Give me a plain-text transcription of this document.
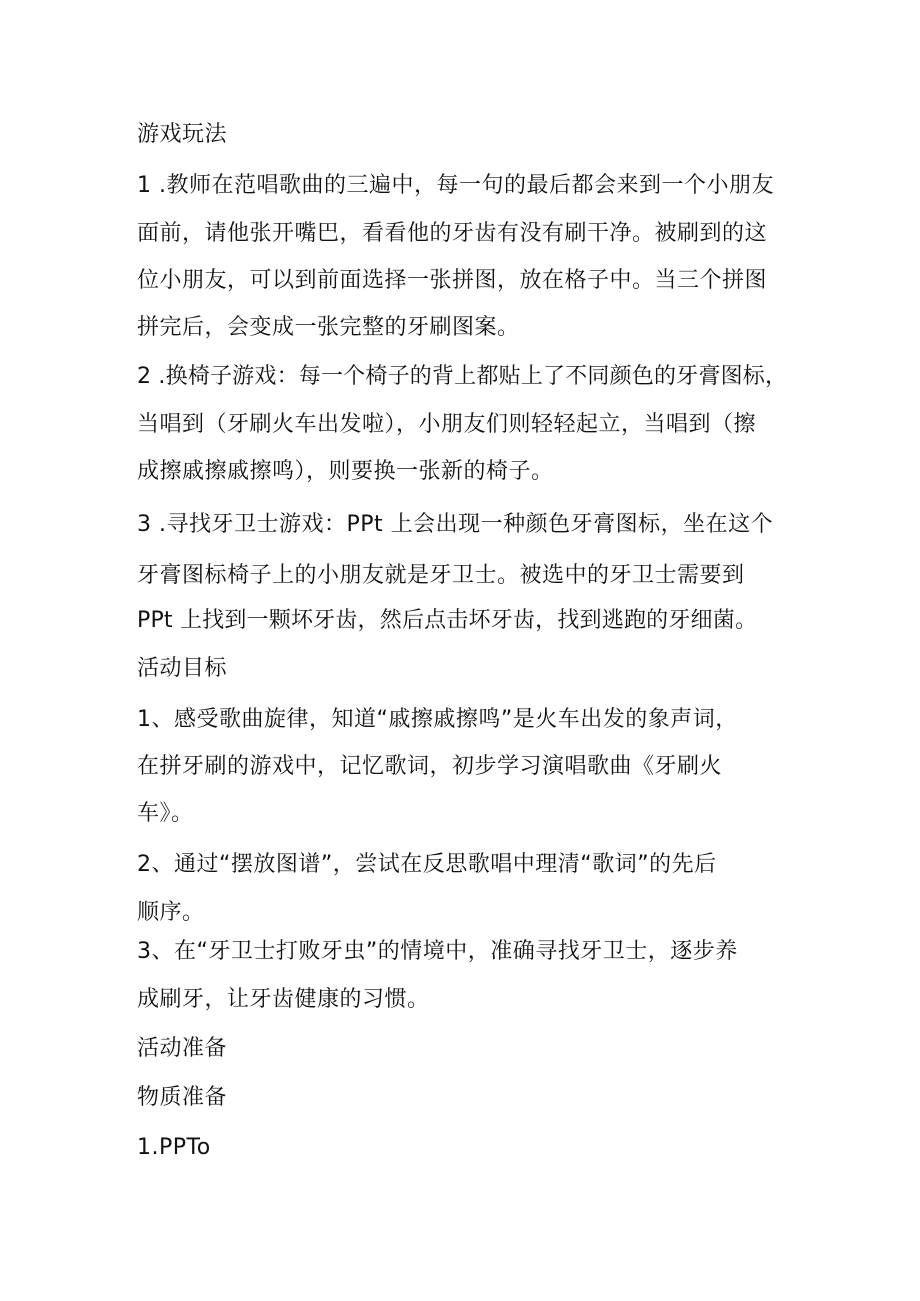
游戏玩法
1 .教师在范唱歌曲的三遍中，每一句的最后都会来到一个小朋友
面前，请他张开嘴巴，看看他的牙齿有没有刷干净。被刷到的这
位小朋友，可以到前面选择一张拼图，放在格子中。当三个拼图
拼完后，会变成一张完整的牙刷图案。
2 .换椅子游戏：每一个椅子的背上都贴上了不同颜色的牙膏图标，
当唱到（牙刷火车出发啦），小朋友们则轻轻起立，当唱到（擦
成擦戚擦戚擦鸣），则要换一张新的椅子。
3 .寻找牙卫士游戏：PPt 上会出现一种颜色牙膏图标，坐在这个
牙膏图标椅子上的小朋友就是牙卫士。被选中的牙卫士需要到
PPt 上找到一颗坏牙齿，然后点击坏牙齿，找到逃跑的牙细菌。
活动目标
1、感受歌曲旋律，知道“戚擦戚擦鸣”是火车出发的象声词，
在拼牙刷的游戏中，记忆歌词，初步学习演唱歌曲《牙刷火
车》。
2、通过“摆放图谱”，尝试在反思歌唱中理清“歌词”的先后
顺序。
3、在“牙卫士打败牙虫”的情境中，准确寻找牙卫士，逐步养
成刷牙，让牙齿健康的习惯。
活动准备
物质准备
1.PPTo
